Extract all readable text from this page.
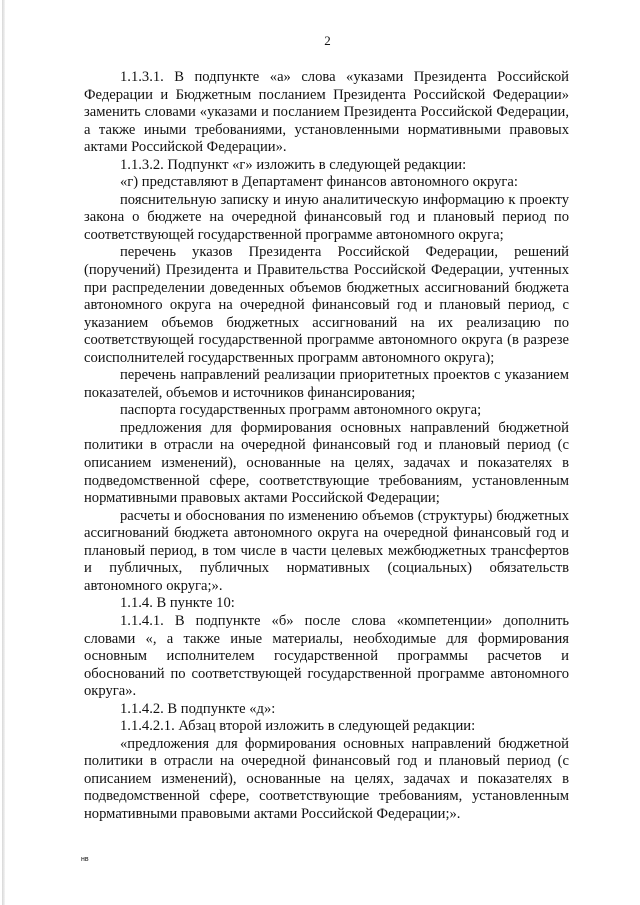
2

1.1.3.1. В подпункте «а» слова «указами Президента Российской Федерации и Бюджетным посланием Президента Российской Федерации» заменить словами «указами и посланием Президента Российской Федерации, а также иными требованиями, установленными нормативными правовых актами Российской Федерации».

1.1.3.2. Подпункт «г» изложить в следующей редакции:

«г) представляют в Департамент финансов автономного округа:

пояснительную записку и иную аналитическую информацию к проекту закона о бюджете на очередной финансовый год и плановый период по соответствующей государственной программе автономного округа;

перечень указов Президента Российской Федерации, решений (поручений) Президента и Правительства Российской Федерации, учтенных при распределении доведенных объемов бюджетных ассигнований бюджета автономного округа на очередной финансовый год и плановый период, с указанием объемов бюджетных ассигнований на их реализацию по соответствующей государственной программе автономного округа (в разрезе соисполнителей государственных программ автономного округа);

перечень направлений реализации приоритетных проектов с указанием показателей, объемов и источников финансирования;

паспорта государственных программ автономного округа;

предложения для формирования основных направлений бюджетной политики в отрасли на очередной финансовый год и плановый период (с описанием изменений), основанные на целях, задачах и показателях в подведомственной сфере, соответствующие требованиям, установленным нормативными правовых актами Российской Федерации;

расчеты и обоснования по изменению объемов (структуры) бюджетных ассигнований бюджета автономного округа на очередной финансовый год и плановый период, в том числе в части целевых межбюджетных трансфертов и публичных, публичных нормативных (социальных) обязательств автономного округа;».

1.1.4. В пункте 10:

1.1.4.1. В подпункте «б» после слова «компетенции» дополнить словами «, а также иные материалы, необходимые для формирования основным исполнителем государственной программы расчетов и обоснований по соответствующей государственной программе автономного округа».

1.1.4.2. В подпункте «д»:

1.1.4.2.1. Абзац второй изложить в следующей редакции:

«предложения для формирования основных направлений бюджетной политики в отрасли на очередной финансовый год и плановый период (с описанием изменений), основанные на целях, задачах и показателях в подведомственной сфере, соответствующие требованиям, установленным нормативными правовыми актами Российской Федерации;».

нв
